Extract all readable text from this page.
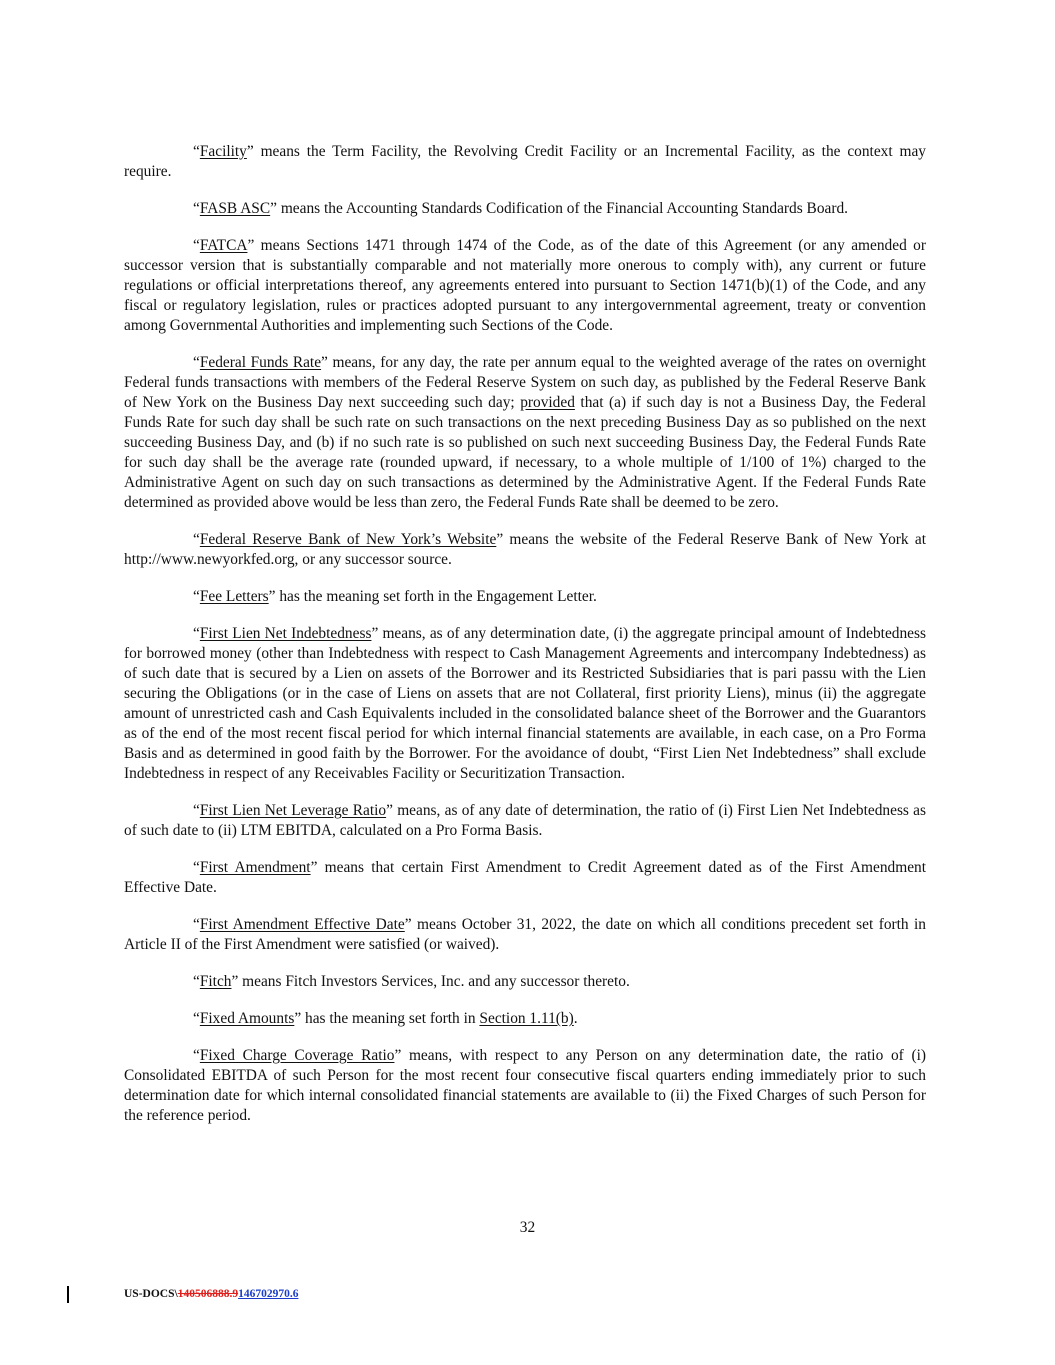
“Facility” means the Term Facility, the Revolving Credit Facility or an Incremental Facility, as the context may require.

“FASB ASC” means the Accounting Standards Codification of the Financial Accounting Standards Board.

“FATCA” means Sections 1471 through 1474 of the Code, as of the date of this Agreement (or any amended or successor version that is substantially comparable and not materially more onerous to comply with), any current or future regulations or official interpretations thereof, any agreements entered into pursuant to Section 1471(b)(1) of the Code, and any fiscal or regulatory legislation, rules or practices adopted pursuant to any intergovernmental agreement, treaty or convention among Governmental Authorities and implementing such Sections of the Code.

“Federal Funds Rate” means, for any day, the rate per annum equal to the weighted average of the rates on overnight Federal funds transactions with members of the Federal Reserve System on such day, as published by the Federal Reserve Bank of New York on the Business Day next succeeding such day; provided that (a) if such day is not a Business Day, the Federal Funds Rate for such day shall be such rate on such transactions on the next preceding Business Day as so published on the next succeeding Business Day, and (b) if no such rate is so published on such next succeeding Business Day, the Federal Funds Rate for such day shall be the average rate (rounded upward, if necessary, to a whole multiple of 1/100 of 1%) charged to the Administrative Agent on such day on such transactions as determined by the Administrative Agent. If the Federal Funds Rate determined as provided above would be less than zero, the Federal Funds Rate shall be deemed to be zero.

“Federal Reserve Bank of New York’s Website” means the website of the Federal Reserve Bank of New York at http://www.newyorkfed.org, or any successor source.

“Fee Letters” has the meaning set forth in the Engagement Letter.

“First Lien Net Indebtedness” means, as of any determination date, (i) the aggregate principal amount of Indebtedness for borrowed money (other than Indebtedness with respect to Cash Management Agreements and intercompany Indebtedness) as of such date that is secured by a Lien on assets of the Borrower and its Restricted Subsidiaries that is pari passu with the Lien securing the Obligations (or in the case of Liens on assets that are not Collateral, first priority Liens), minus (ii) the aggregate amount of unrestricted cash and Cash Equivalents included in the consolidated balance sheet of the Borrower and the Guarantors as of the end of the most recent fiscal period for which internal financial statements are available, in each case, on a Pro Forma Basis and as determined in good faith by the Borrower. For the avoidance of doubt, “First Lien Net Indebtedness” shall exclude Indebtedness in respect of any Receivables Facility or Securitization Transaction.

“First Lien Net Leverage Ratio” means, as of any date of determination, the ratio of (i) First Lien Net Indebtedness as of such date to (ii) LTM EBITDA, calculated on a Pro Forma Basis.

“First Amendment” means that certain First Amendment to Credit Agreement dated as of the First Amendment Effective Date.

“First Amendment Effective Date” means October 31, 2022, the date on which all conditions precedent set forth in Article II of the First Amendment were satisfied (or waived).

“Fitch” means Fitch Investors Services, Inc. and any successor thereto.

“Fixed Amounts” has the meaning set forth in Section 1.11(b).

“Fixed Charge Coverage Ratio” means, with respect to any Person on any determination date, the ratio of (i) Consolidated EBITDA of such Person for the most recent four consecutive fiscal quarters ending immediately prior to such determination date for which internal consolidated financial statements are available to (ii) the Fixed Charges of such Person for the reference period.

32
US-DOCS\140506888.9146702970.6
